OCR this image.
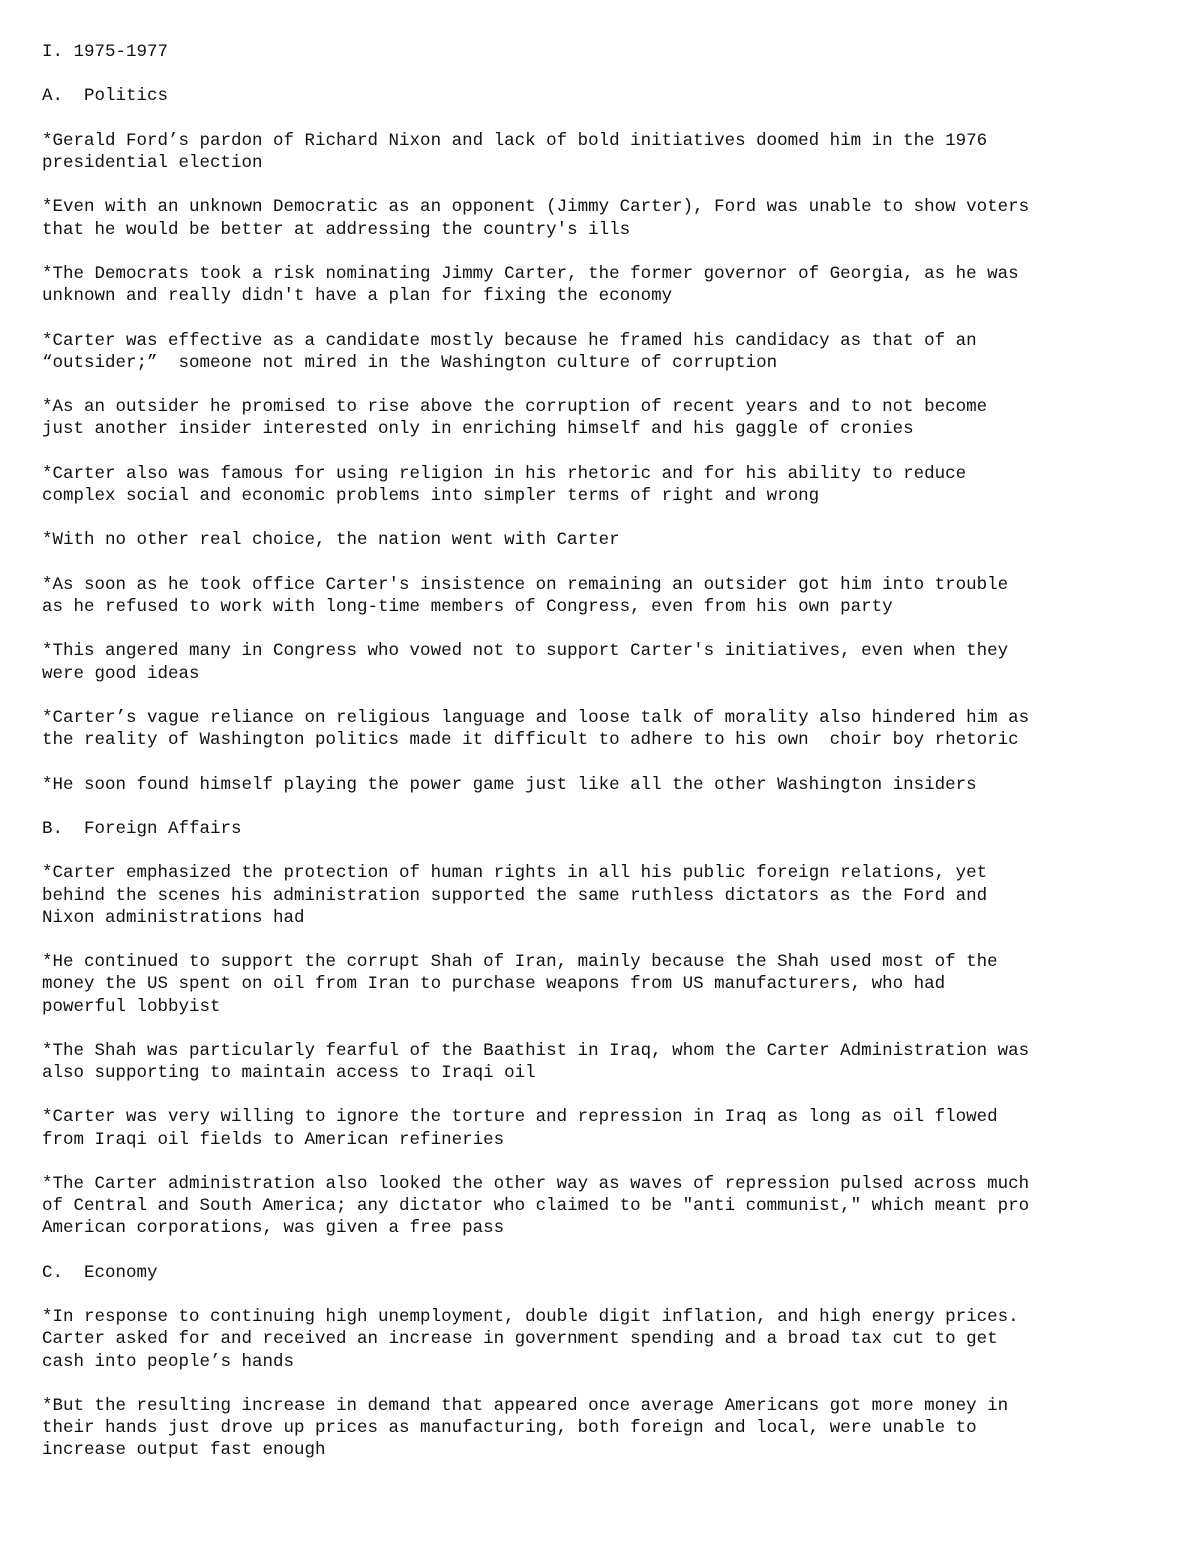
I. 1975-1977
A.  Politics
*Gerald Ford’s pardon of Richard Nixon and lack of bold initiatives doomed him in the 1976
presidential election
*Even with an unknown Democratic as an opponent (Jimmy Carter), Ford was unable to show voters
that he would be better at addressing the country's ills
*The Democrats took a risk nominating Jimmy Carter, the former governor of Georgia, as he was
unknown and really didn't have a plan for fixing the economy
*Carter was effective as a candidate mostly because he framed his candidacy as that of an
“outsider;”  someone not mired in the Washington culture of corruption
*As an outsider he promised to rise above the corruption of recent years and to not become
just another insider interested only in enriching himself and his gaggle of cronies
*Carter also was famous for using religion in his rhetoric and for his ability to reduce
complex social and economic problems into simpler terms of right and wrong
*With no other real choice, the nation went with Carter
*As soon as he took office Carter's insistence on remaining an outsider got him into trouble
as he refused to work with long-time members of Congress, even from his own party
*This angered many in Congress who vowed not to support Carter's initiatives, even when they
were good ideas
*Carter’s vague reliance on religious language and loose talk of morality also hindered him as
the reality of Washington politics made it difficult to adhere to his own  choir boy rhetoric
*He soon found himself playing the power game just like all the other Washington insiders
B.  Foreign Affairs
*Carter emphasized the protection of human rights in all his public foreign relations, yet
behind the scenes his administration supported the same ruthless dictators as the Ford and
Nixon administrations had
*He continued to support the corrupt Shah of Iran, mainly because the Shah used most of the
money the US spent on oil from Iran to purchase weapons from US manufacturers, who had
powerful lobbyist
*The Shah was particularly fearful of the Baathist in Iraq, whom the Carter Administration was
also supporting to maintain access to Iraqi oil
*Carter was very willing to ignore the torture and repression in Iraq as long as oil flowed
from Iraqi oil fields to American refineries
*The Carter administration also looked the other way as waves of repression pulsed across much
of Central and South America; any dictator who claimed to be "anti communist," which meant pro
American corporations, was given a free pass
C.  Economy
*In response to continuing high unemployment, double digit inflation, and high energy prices.
Carter asked for and received an increase in government spending and a broad tax cut to get
cash into people’s hands
*But the resulting increase in demand that appeared once average Americans got more money in
their hands just drove up prices as manufacturing, both foreign and local, were unable to
increase output fast enough
